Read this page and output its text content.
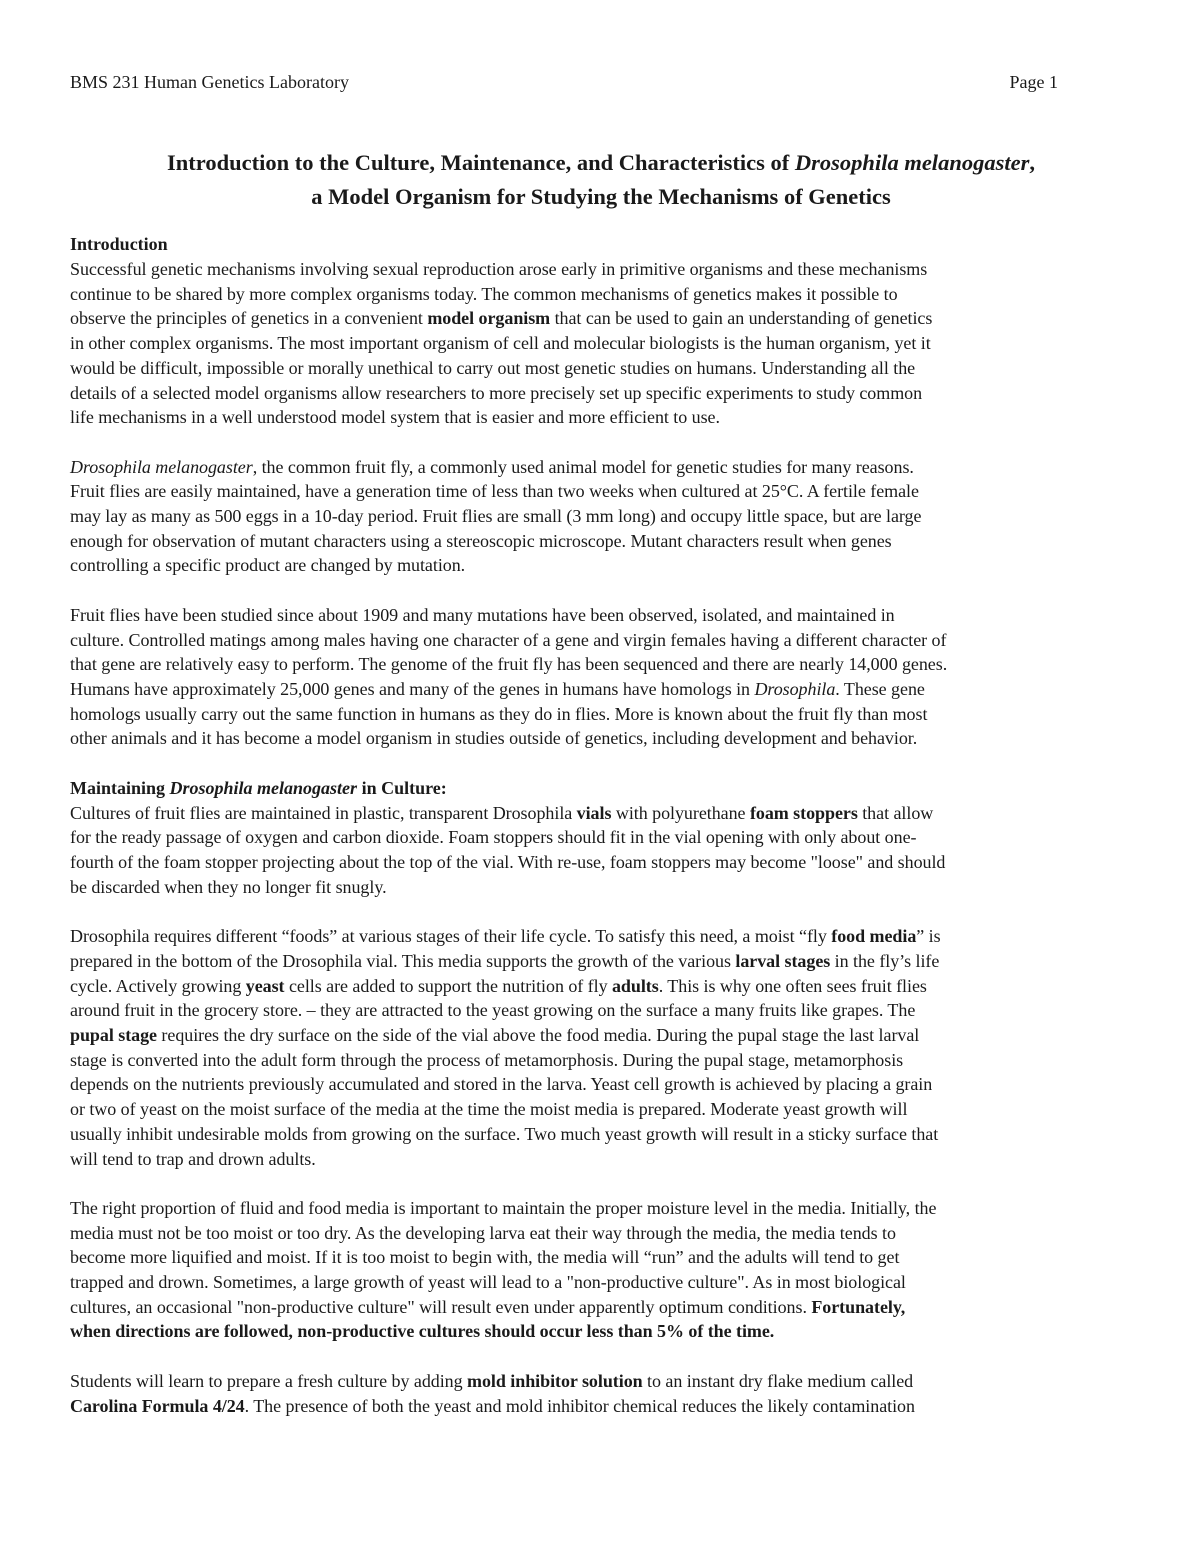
BMS 231 Human Genetics Laboratory	Page 1
Introduction to the Culture, Maintenance, and Characteristics of Drosophila melanogaster,
a Model Organism for Studying the Mechanisms of Genetics
Introduction

Successful genetic mechanisms involving sexual reproduction arose early in primitive organisms and these mechanisms
continue to be shared by more complex organisms today. The common mechanisms of genetics makes it possible to
observe the principles of genetics in a convenient model organism that can be used to gain an understanding of genetics
in other complex organisms. The most important organism of cell and molecular biologists is the human organism, yet it
would be difficult, impossible or morally unethical to carry out most genetic studies on humans. Understanding all the
details of a selected model organisms allow researchers to more precisely set up specific experiments to study common
life mechanisms in a well understood model system that is easier and more efficient to use.

Drosophila melanogaster, the common fruit fly, a commonly used animal model for genetic studies for many reasons.
Fruit flies are easily maintained, have a generation time of less than two weeks when cultured at 25°C. A fertile female
may lay as many as 500 eggs in a 10-day period. Fruit flies are small (3 mm long) and occupy little space, but are large
enough for observation of mutant characters using a stereoscopic microscope. Mutant characters result when genes
controlling a specific product are changed by mutation.

Fruit flies have been studied since about 1909 and many mutations have been observed, isolated, and maintained in
culture. Controlled matings among males having one character of a gene and virgin females having a different character of
that gene are relatively easy to perform. The genome of the fruit fly has been sequenced and there are nearly 14,000 genes.
Humans have approximately 25,000 genes and many of the genes in humans have homologs in Drosophila. These gene
homologs usually carry out the same function in humans as they do in flies. More is known about the fruit fly than most
other animals and it has become a model organism in studies outside of genetics, including development and behavior.

Maintaining Drosophila melanogaster in Culture:

Cultures of fruit flies are maintained in plastic, transparent Drosophila vials with polyurethane foam stoppers that allow
for the ready passage of oxygen and carbon dioxide. Foam stoppers should fit in the vial opening with only about one-
fourth of the foam stopper projecting about the top of the vial. With re-use, foam stoppers may become "loose" and should
be discarded when they no longer fit snugly.

Drosophila requires different “foods” at various stages of their life cycle. To satisfy this need, a moist “fly food media” is
prepared in the bottom of the Drosophila vial. This media supports the growth of the various larval stages in the fly’s life
cycle. Actively growing yeast cells are added to support the nutrition of fly adults. This is why one often sees fruit flies
around fruit in the grocery store. – they are attracted to the yeast growing on the surface a many fruits like grapes. The
pupal stage requires the dry surface on the side of the vial above the food media. During the pupal stage the last larval
stage is converted into the adult form through the process of metamorphosis. During the pupal stage, metamorphosis
depends on the nutrients previously accumulated and stored in the larva. Yeast cell growth is achieved by placing a grain
or two of yeast on the moist surface of the media at the time the moist media is prepared. Moderate yeast growth will
usually inhibit undesirable molds from growing on the surface. Two much yeast growth will result in a sticky surface that
will tend to trap and drown adults.

The right proportion of fluid and food media is important to maintain the proper moisture level in the media. Initially, the
media must not be too moist or too dry. As the developing larva eat their way through the media, the media tends to
become more liquified and moist. If it is too moist to begin with, the media will “run” and the adults will tend to get
trapped and drown. Sometimes, a large growth of yeast will lead to a "non-productive culture". As in most biological
cultures, an occasional "non-productive culture" will result even under apparently optimum conditions. Fortunately,
when directions are followed, non-productive cultures should occur less than 5% of the time.

Students will learn to prepare a fresh culture by adding mold inhibitor solution to an instant dry flake medium called
Carolina Formula 4/24. The presence of both the yeast and mold inhibitor chemical reduces the likely contamination
